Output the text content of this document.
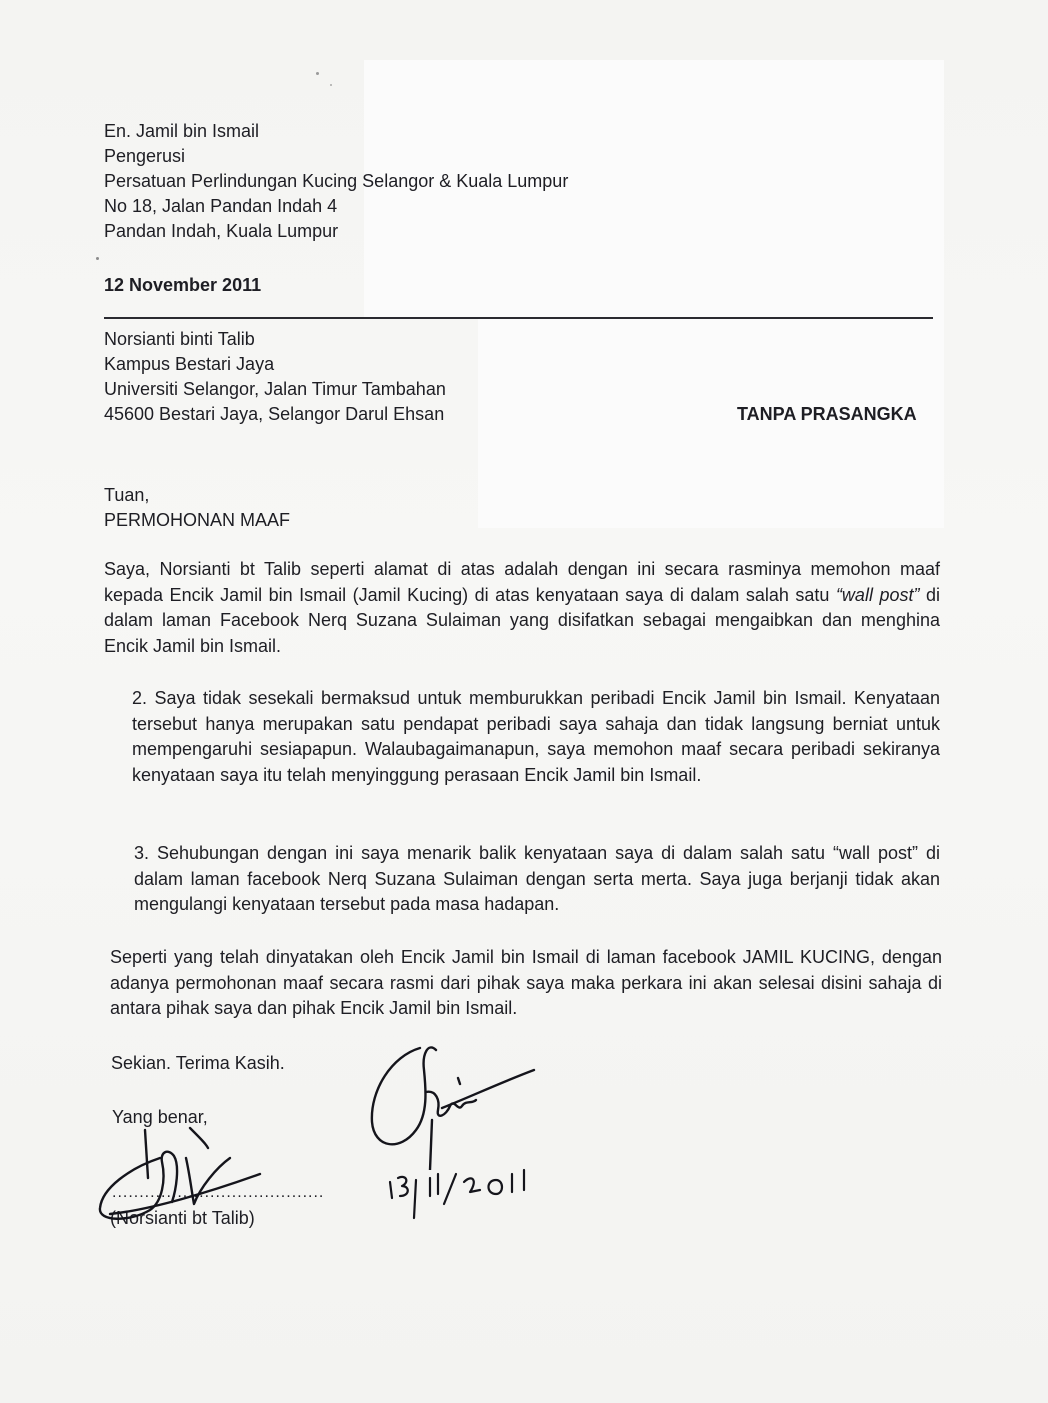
En. Jamil bin Ismail
Pengerusi
Persatuan Perlindungan Kucing Selangor & Kuala Lumpur
No 18, Jalan Pandan Indah 4
Pandan Indah, Kuala Lumpur
12 November 2011
Norsianti binti Talib
Kampus Bestari Jaya
Universiti Selangor, Jalan Timur Tambahan
45600 Bestari Jaya, Selangor Darul Ehsan	TANPA PRASANGKA
Tuan,
PERMOHONAN MAAF
Saya, Norsianti bt Talib seperti alamat di atas adalah dengan ini secara rasminya memohon maaf kepada Encik Jamil bin Ismail (Jamil Kucing) di atas kenyataan saya di dalam salah satu “wall post” di dalam laman Facebook Nerq Suzana Sulaiman yang disifatkan sebagai mengaibkan dan menghina Encik Jamil bin Ismail.
2. Saya tidak sesekali bermaksud untuk memburukkan peribadi Encik Jamil bin Ismail. Kenyataan tersebut hanya merupakan satu pendapat peribadi saya sahaja dan tidak langsung berniat untuk mempengaruhi sesiapapun. Walaubagaimanapun, saya memohon maaf secara peribadi sekiranya kenyataan saya itu telah menyinggung perasaan Encik Jamil bin Ismail.
3. Sehubungan dengan ini saya menarik balik kenyataan saya di dalam salah satu “wall post” di dalam laman facebook Nerq Suzana Sulaiman dengan serta merta. Saya juga berjanji tidak akan mengulangi kenyataan tersebut pada masa hadapan.
Seperti yang telah dinyatakan oleh Encik Jamil bin Ismail di laman facebook JAMIL KUCING, dengan adanya permohonan maaf secara rasmi dari pihak saya maka perkara ini akan selesai disini sahaja di antara pihak saya dan pihak Encik Jamil bin Ismail.
Sekian. Terima Kasih.
Yang benar,
.......................................
(Norsianti bt Talib)
